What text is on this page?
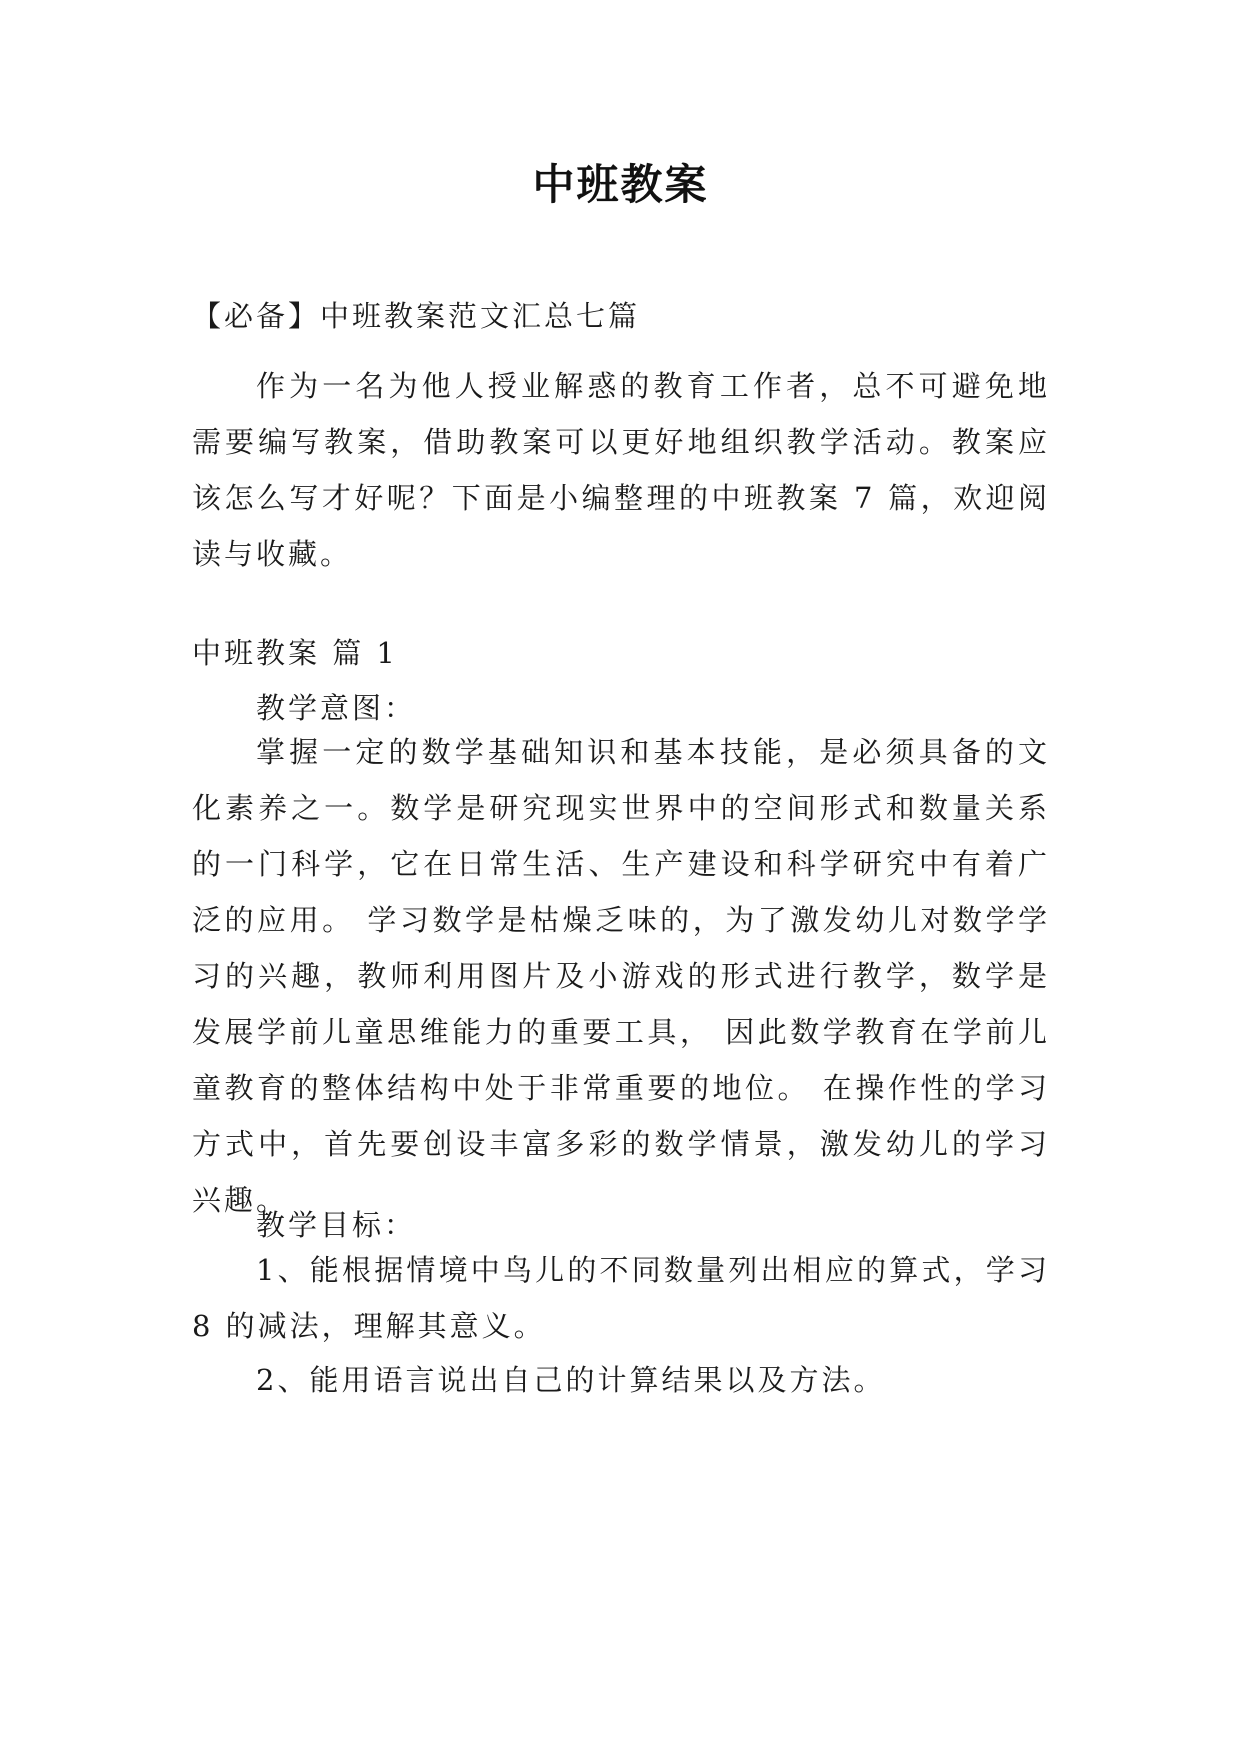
中班教案
【必备】中班教案范文汇总七篇
作为一名为他人授业解惑的教育工作者，总不可避免地需要编写教案，借助教案可以更好地组织教学活动。教案应该怎么写才好呢？下面是小编整理的中班教案 7 篇，欢迎阅读与收藏。
中班教案 篇 1
教学意图：
掌握一定的数学基础知识和基本技能，是必须具备的文化素养之一。数学是研究现实世界中的空间形式和数量关系的一门科学，它在日常生活、生产建设和科学研究中有着广泛的应用。 学习数学是枯燥乏味的，为了激发幼儿对数学学习的兴趣，教师利用图片及小游戏的形式进行教学，数学是发展学前儿童思维能力的重要工具， 因此数学教育在学前儿童教育的整体结构中处于非常重要的地位。 在操作性的学习方式中，首先要创设丰富多彩的数学情景，激发幼儿的学习兴趣。
教学目标：
1、能根据情境中鸟儿的不同数量列出相应的算式，学习 8 的减法，理解其意义。
2、能用语言说出自己的计算结果以及方法。
